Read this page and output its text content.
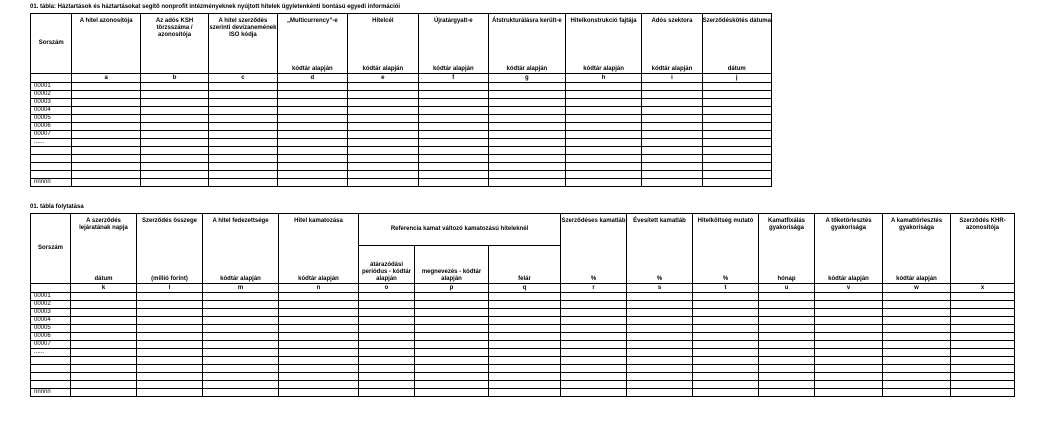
01. tábla: Háztartások és háztartásokat segítő nonprofit intézményeknek nyújtott hitelek ügyletenkénti bontású egyedi információi
Sorszám	A hitel azonosítója	Az adós KSH törzsszáma / azonosítója	A hitel szerződés szerinti devizanemének ISO kódja	„Multicurrency”-e	Hitelcél	Újratárgyalt-e	Átstrukturálásra került-e	Hitelkonstrukció fajtája	Adós szektora	Szerződéskötés dátuma
				kódtár alapján	kódtár alapján	kódtár alapján	kódtár alapján	kódtár alapján	kódtár alapján	dátum
	a	b	c	d	e	f	g	h	i	j
00001										
00002										
00003										
00004										
00005										
00006										
00007										
......										

nnnnn										
01. tábla folytatása
Sorszám	A szerződés lejáratának napja	Szerződés összege	A hitel fedezettsége	Hitel kamatozása	Referencia kamat változó kamatozású hiteleknél			Szerződéses kamatláb	Évesített kamatláb	Hitelköltség mutató	Kamatfixálás gyakorisága	A tőketörlesztés gyakorisága	A kamattörlesztés gyakorisága	Szerződés KHR-azonosítója
					átárazódási periódus - kódtár alapján	megnevezés - kódtár alapján	felár							
	dátum	(millió forint)	kódtár alapján	kódtár alapján				%	%	%	hónap	kódtár alapján	kódtár alapján	
	k	l	m	n	o	p	q	r	s	t	u	v	w	x
00001														
00002														
00003														
00004														
00005														
00006														
00007														
......														

nnnnn														
